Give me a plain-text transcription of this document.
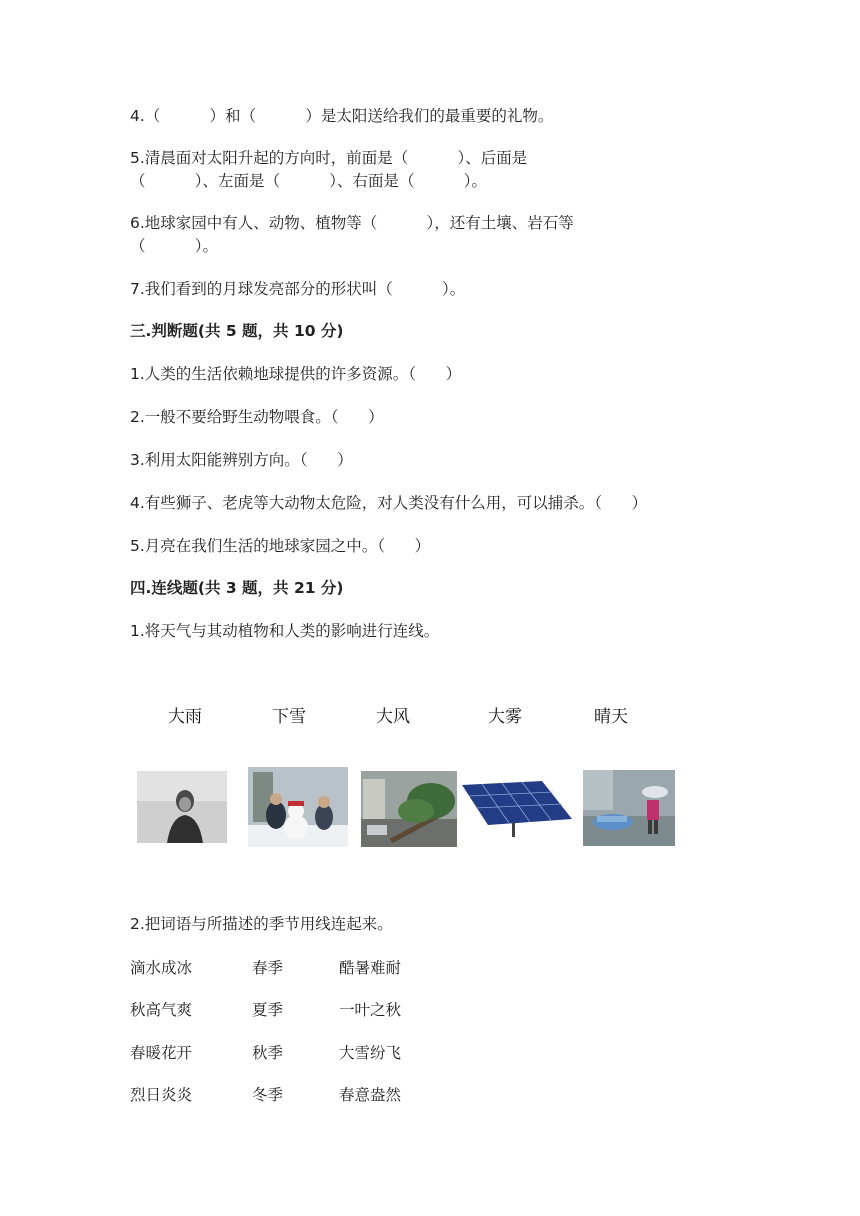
4.（          ）和（          ）是太阳送给我们的最重要的礼物。
5.清晨面对太阳升起的方向时，前面是（          ）、后面是
（          ）、左面是（          ）、右面是（          ）。
6.地球家园中有人、动物、植物等（          ），还有土壤、岩石等
（          ）。
7.我们看到的月球发亮部分的形状叫（          ）。
三.判断题(共 5 题，共 10 分)
1.人类的生活依赖地球提供的许多资源。（      ）
2.一般不要给野生动物喂食。（      ）
3.利用太阳能辨别方向。（      ）
4.有些狮子、老虎等大动物太危险，对人类没有什么用，可以捕杀。（      ）
5.月亮在我们生活的地球家园之中。（      ）
四.连线题(共 3 题，共 21 分)
1.将天气与其动植物和人类的影响进行连线。
大雨	下雪	大风	大雾	晴天
2.把词语与所描述的季节用线连起来。
滴水成冰	春季	酷暑难耐
秋高气爽	夏季	一叶之秋
春暖花开	秋季	大雪纷飞
烈日炎炎	冬季	春意盎然
